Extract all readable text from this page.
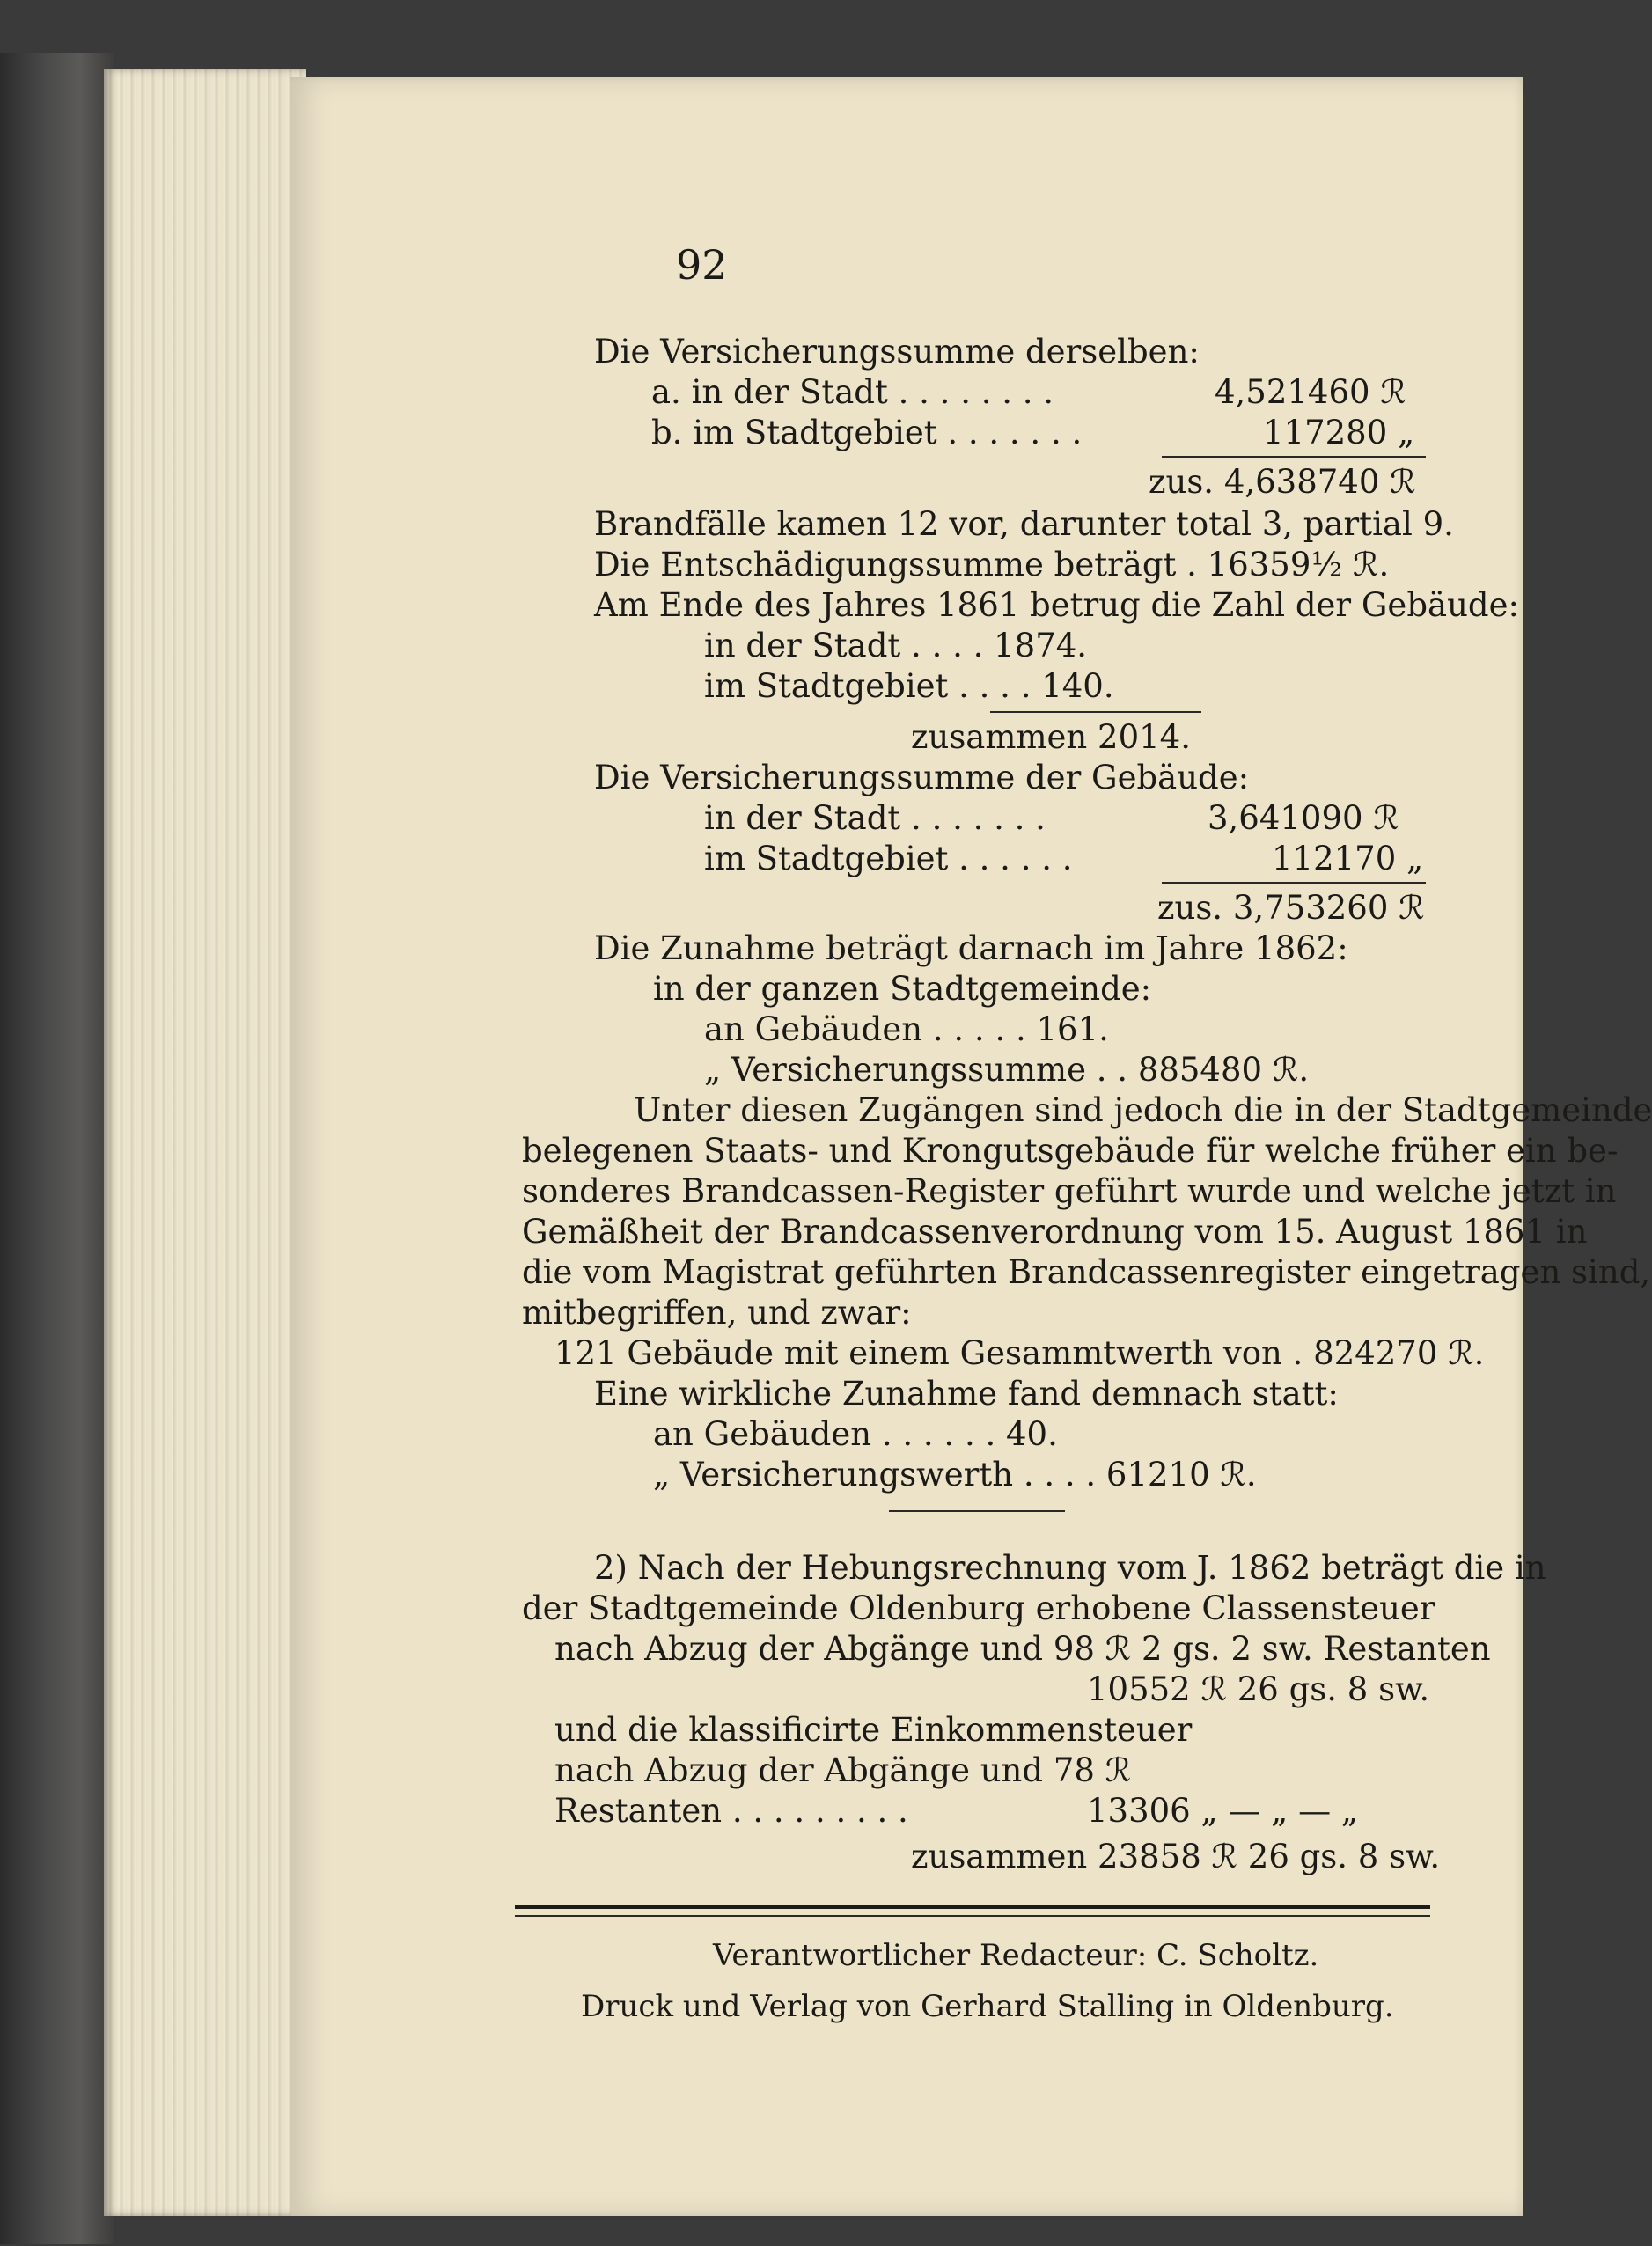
92
Die Versicherungssumme derselben:
a. in der Stadt . . . . . . . .	4,521460 ℛ︎
b. im Stadtgebiet . . . . . . .	117280 „
zus. 4,638740 ℛ︎
Brandfälle kamen 12 vor, darunter total 3, partial 9.
Die Entschädigungssumme beträgt . 16359½ ℛ︎.
Am Ende des Jahres 1861 betrug die Zahl der Gebäude:
in der Stadt . . . . 1874.
im Stadtgebiet . . . . 140.
zusammen 2014.
Die Versicherungssumme der Gebäude:
in der Stadt . . . . . . .	3,641090 ℛ︎
im Stadtgebiet . . . . . .	112170 „
zus. 3,753260 ℛ︎
Die Zunahme beträgt darnach im Jahre 1862:
in der ganzen Stadtgemeinde:
an Gebäuden . . . . . 161.
„ Versicherungssumme . . 885480 ℛ︎.
Unter diesen Zugängen sind jedoch die in der Stadtgemeinde
belegenen Staats- und Krongutsgebäude für welche früher ein be-
sonderes Brandcassen-Register geführt wurde und welche jetzt in
Gemäßheit der Brandcassenverordnung vom 15. August 1861 in
die vom Magistrat geführten Brandcassenregister eingetragen sind,
mitbegriffen, und zwar:
121 Gebäude mit einem Gesammtwerth von . 824270 ℛ︎.
Eine wirkliche Zunahme fand demnach statt:
an Gebäuden . . . . . . 40.
„ Versicherungswerth . . . . 61210 ℛ︎.
2) Nach der Hebungsrechnung vom J. 1862 beträgt die in
der Stadtgemeinde Oldenburg erhobene Classensteuer
nach Abzug der Abgänge und 98 ℛ︎ 2 gs. 2 sw. Restanten
10552 ℛ︎ 26 gs. 8 sw.
und die klassificirte Einkommensteuer
nach Abzug der Abgänge und 78 ℛ︎
Restanten . . . . . . . . .	13306 „ — „ — „
zusammen 23858 ℛ︎ 26 gs. 8 sw.
Verantwortlicher Redacteur: C. Scholtz.
Druck und Verlag von Gerhard Stalling in Oldenburg.
